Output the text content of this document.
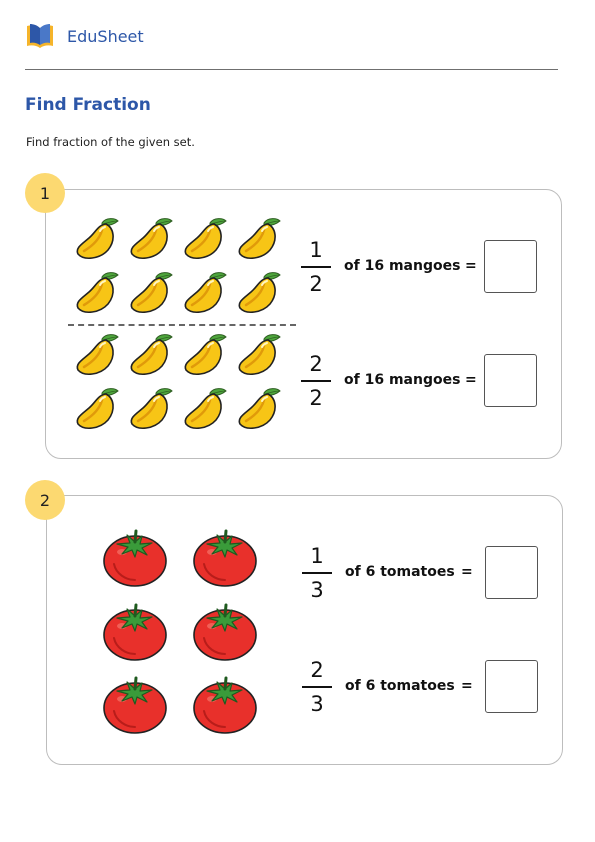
EduSheet
Find Fraction
Find fraction of the given set.
1
1
2
of 16 mangoes =
2
2
of 16 mangoes =
2
1
3
of 6 tomatoes =
2
3
of 6 tomatoes =
